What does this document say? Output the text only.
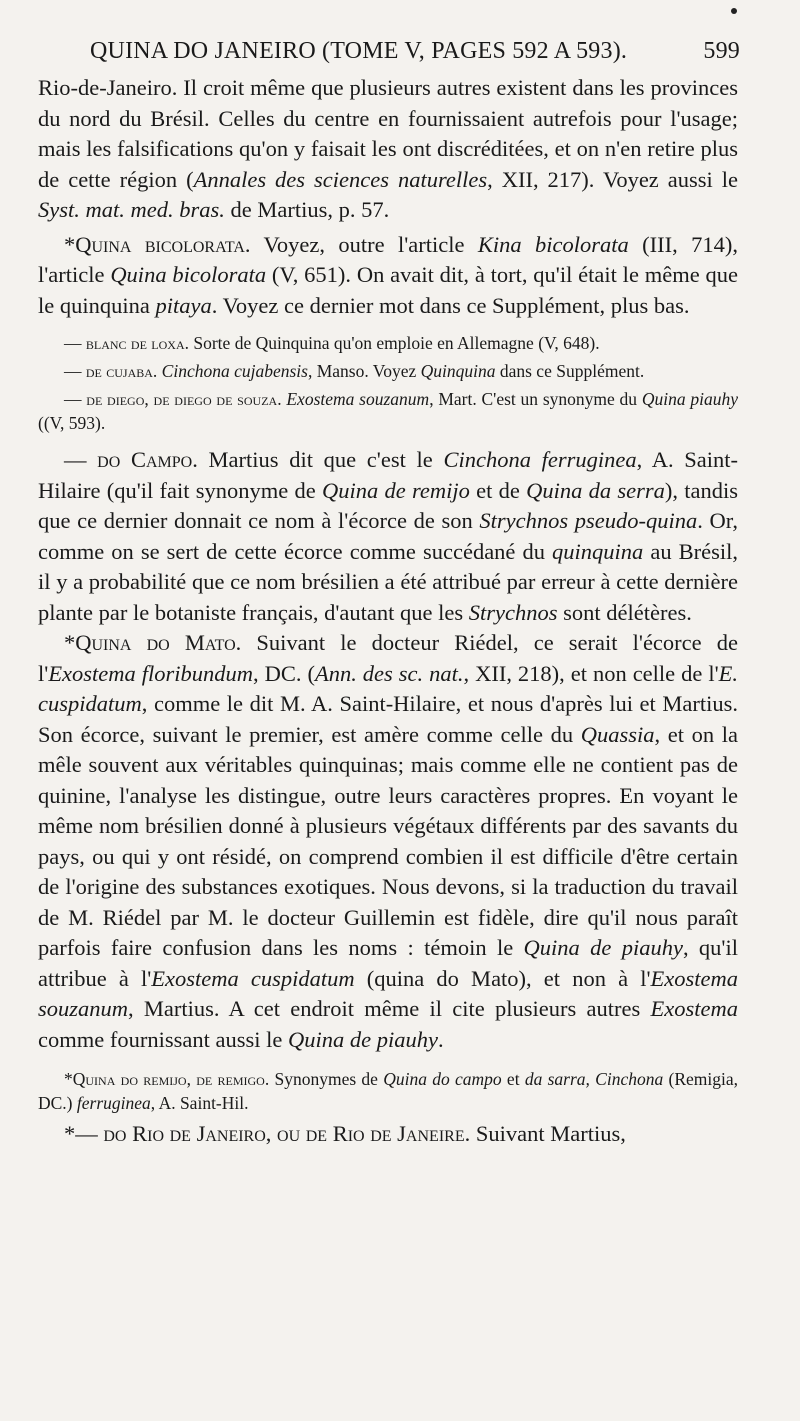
QUINA DO JANEIRO (TOME V, PAGES 592 A 593).	599

Rio-de-Janeiro. Il croit même que plusieurs autres existent dans les provinces du nord du Brésil. Celles du centre en fournissaient autrefois pour l'usage; mais les falsifications qu'on y faisait les ont discréditées, et on n'en retire plus de cette région (Annales des sciences naturelles, XII, 217). Voyez aussi le Syst. mat. med. bras. de Martius, p. 57.

*Quina bicolorata. Voyez, outre l'article Kina bicolorata (III, 714), l'article Quina bicolorata (V, 651). On avait dit, à tort, qu'il était le même que le quinquina pitaya. Voyez ce dernier mot dans ce Supplément, plus bas.

— blanc de loxa. Sorte de Quinquina qu'on emploie en Allemagne (V, 648).

— de cujaba. Cinchona cujabensis, Manso. Voyez Quinquina dans ce Supplément.

— de diego, de diego de souza. Exostema souzanum, Mart. C'est un synonyme du Quina piauhy ((V, 593).

— do Campo. Martius dit que c'est le Cinchona ferruginea, A. Saint-Hilaire (qu'il fait synonyme de Quina de remijo et de Quina da serra), tandis que ce dernier donnait ce nom à l'écorce de son Strychnos pseudo-quina. Or, comme on se sert de cette écorce comme succédané du quinquina au Brésil, il y a probabilité que ce nom brésilien a été attribué par erreur à cette dernière plante par le botaniste français, d'autant que les Strychnos sont délétères.

*Quina do Mato. Suivant le docteur Riédel, ce serait l'écorce de l'Exostema floribundum, DC. (Ann. des sc. nat., XII, 218), et non celle de l'E. cuspidatum, comme le dit M. A. Saint-Hilaire, et nous d'après lui et Martius. Son écorce, suivant le premier, est amère comme celle du Quassia, et on la mêle souvent aux véritables quinquinas; mais comme elle ne contient pas de quinine, l'analyse les distingue, outre leurs caractères propres. En voyant le même nom brésilien donné à plusieurs végétaux différents par des savants du pays, ou qui y ont résidé, on comprend combien il est difficile d'être certain de l'origine des substances exotiques. Nous devons, si la traduction du travail de M. Riédel par M. le docteur Guillemin est fidèle, dire qu'il nous paraît parfois faire confusion dans les noms : témoin le Quina de piauhy, qu'il attribue à l'Exostema cuspidatum (quina do Mato), et non à l'Exostema souzanum, Martius. A cet endroit même il cite plusieurs autres Exostema comme fournissant aussi le Quina de piauhy.

*Quina do remijo, de remigo. Synonymes de Quina do campo et da sarra, Cinchona (Remigia, DC.) ferruginea, A. Saint-Hil.

*— do Rio de Janeiro, ou de Rio de Janeire. Suivant Martius,
